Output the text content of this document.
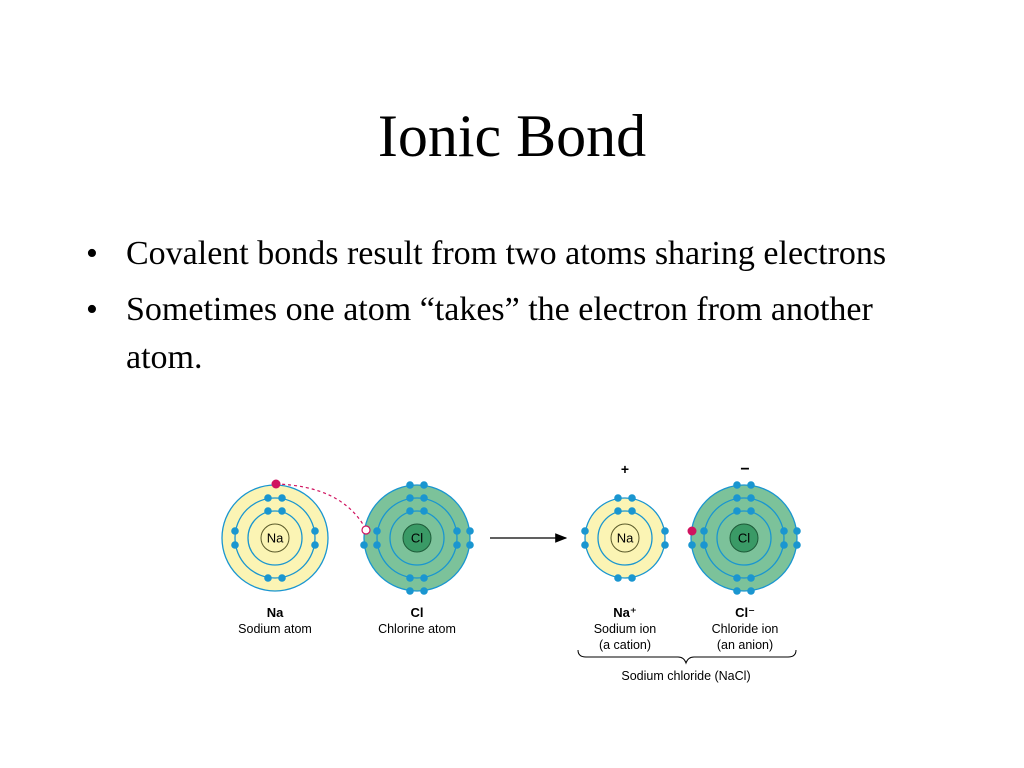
Ionic Bond
• Covalent bonds result from two atoms sharing electrons
• Sometimes one atom “takes” the electron from another atom.
Na	Cl	Na	Cl
+	−
Na
Sodium atom
Cl
Chlorine atom
Na⁺
Sodium ion
(a cation)
Cl⁻
Chloride ion
(an anion)
Sodium chloride (NaCl)
